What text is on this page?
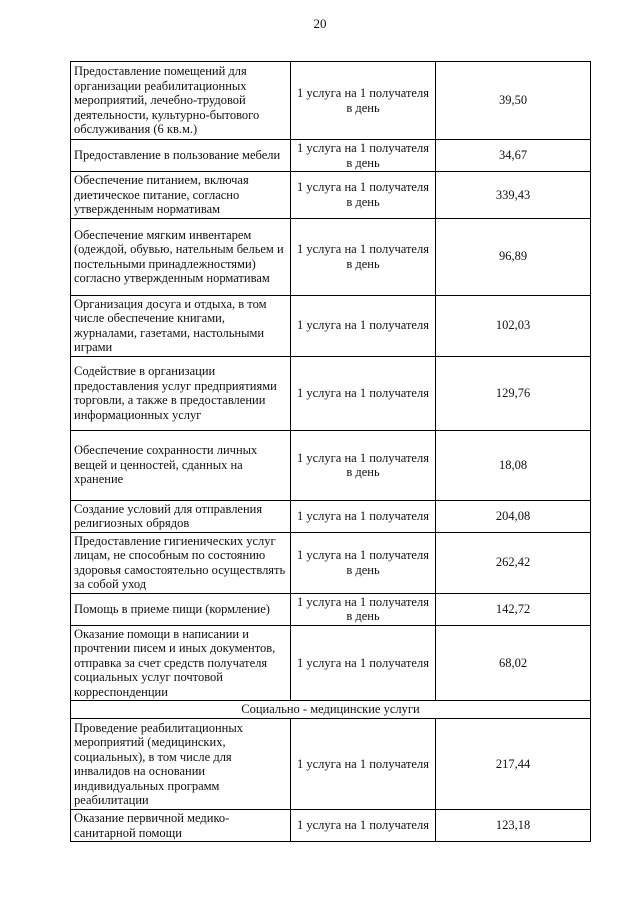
20
Предоставление помещений для организации реабилитационных мероприятий, лечебно-трудовой деятельности, культурно-бытового обслуживания (6 кв.м.)	1 услуга на 1 получателя в день	39,50
Предоставление в пользование мебели	1 услуга на 1 получателя в день	34,67
Обеспечение питанием, включая диетическое питание, согласно утвержденным нормативам	1 услуга на 1 получателя в день	339,43
Обеспечение мягким инвентарем (одеждой, обувью, нательным бельем и постельными принадлежностями) согласно утвержденным нормативам	1 услуга на 1 получателя в день	96,89
Организация досуга и отдыха, в том числе обеспечение книгами, журналами, газетами, настольными играми	1 услуга на 1 получателя	102,03
Содействие в организации предоставления услуг предприятиями торговли, а также в предоставлении информационных услуг	1 услуга на 1 получателя	129,76
Обеспечение сохранности личных вещей и ценностей, сданных на хранение	1 услуга на 1 получателя в день	18,08
Создание условий для отправления религиозных обрядов	1 услуга на 1 получателя	204,08
Предоставление гигиенических услуг лицам, не способным по состоянию здоровья самостоятельно осуществлять за собой уход	1 услуга на 1 получателя в день	262,42
Помощь в приеме пищи (кормление)	1 услуга на 1 получателя в день	142,72
Оказание помощи в написании и прочтении писем и иных документов, отправка за счет средств получателя социальных услуг почтовой корреспонденции	1 услуга на 1 получателя	68,02
Социально - медицинские услуги		
Проведение реабилитационных мероприятий (медицинских, социальных), в том числе для инвалидов на основании индивидуальных программ реабилитации	1 услуга на 1 получателя	217,44
Оказание первичной медико-санитарной помощи	1 услуга на 1 получателя	123,18
